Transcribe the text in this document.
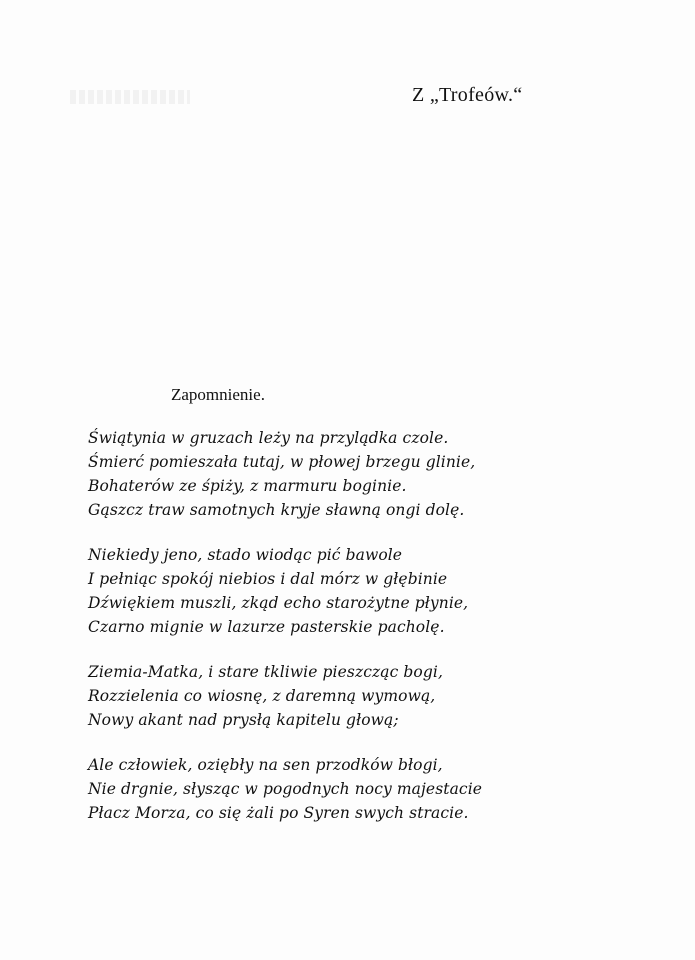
Z „Trofeów.“
Zapomnienie.
Świątynia w gruzach leży na przylądka czole.
Śmierć pomieszała tutaj, w płowej brzegu glinie,
Bohaterów ze śpiży, z marmuru boginie.
Gąszcz traw samotnych kryje sławną ongi dolę.
Niekiedy jeno, stado wiodąc pić bawole
I pełniąc spokój niebios i dal mórz w głębinie
Dźwiękiem muszli, zkąd echo starożytne płynie,
Czarno mignie w lazurze pasterskie pacholę.
Ziemia-Matka, i stare tkliwie pieszcząc bogi,
Rozzielenia co wiosnę, z daremną wymową,
Nowy akant nad prysłą kapitelu głową;
Ale człowiek, oziębły na sen przodków błogi,
Nie drgnie, słysząc w pogodnych nocy majestacie
Płacz Morza, co się żali po Syren swych stracie.
